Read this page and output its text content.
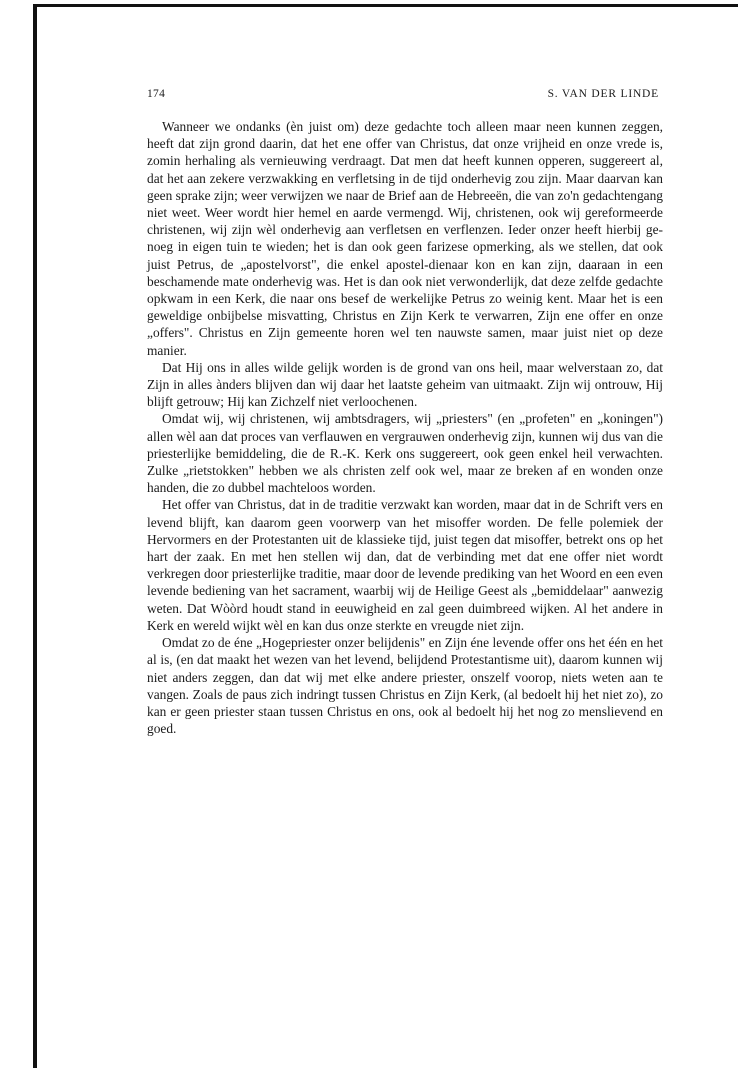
174	S. VAN DER LINDE

Wanneer we ondanks (èn juist om) deze gedachte toch alleen maar neen kunnen zeggen, heeft dat zijn grond daarin, dat het ene offer van Christus, dat onze vrijheid en onze vrede is, zomin herhaling als vernieuwing verdraagt. Dat men dat heeft kunnen opperen, suggereert al, dat het aan zekere verzwakking en verfletsing in de tijd onderhevig zou zijn. Maar daarvan kan geen sprake zijn; weer verwijzen we naar de Brief aan de Hebreeën, die van zo'n gedachtengang niet weet. Weer wordt hier hemel en aarde vermengd. Wij, christenen, ook wij gereformeerde christenen, wij zijn wèl onderhevig aan verfletsen en verflenzen. Ieder onzer heeft hierbij genoeg in eigen tuin te wieden; het is dan ook geen farizese opmerking, als we stellen, dat ook juist Petrus, de „apostelvorst", die enkel apostel-dienaar kon en kan zijn, daaraan in een beschamende mate onderhevig was. Het is dan ook niet verwonderlijk, dat deze zelfde gedachte opkwam in een Kerk, die naar ons besef de werkelijke Petrus zo weinig kent. Maar het is een geweldige onbijbelse misvatting, Christus en Zijn Kerk te verwarren, Zijn ene offer en onze „offers". Christus en Zijn gemeente horen wel ten nauwste samen, maar juist niet op deze manier.

Dat Hij ons in alles wilde gelijk worden is de grond van ons heil, maar welverstaan zo, dat Zijn in alles ànders blijven dan wij daar het laatste geheim van uitmaakt. Zijn wij ontrouw, Hij blijft getrouw; Hij kan Zichzelf niet verloochenen.

Omdat wij, wij christenen, wij ambtsdragers, wij „priesters" (en „profeten" en „koningen") allen wèl aan dat proces van verflauwen en vergrauwen onderhevig zijn, kunnen wij dus van die priesterlijke bemiddeling, die de R.-K. Kerk ons suggereert, ook geen enkel heil verwachten. Zulke „rietstokken" hebben we als christen zelf ook wel, maar ze breken af en wonden onze handen, die zo dubbel machteloos worden.

Het offer van Christus, dat in de traditie verzwakt kan worden, maar dat in de Schrift vers en levend blijft, kan daarom geen voorwerp van het misoffer worden. De felle polemiek der Hervormers en der Protestanten uit de klassieke tijd, juist tegen dat misoffer, betrekt ons op het hart der zaak. En met hen stellen wij dan, dat de verbinding met dat ene offer niet wordt verkregen door priesterlijke traditie, maar door de levende prediking van het Woord en een even levende bediening van het sacrament, waarbij wij de Heilige Geest als „bemiddelaar" aanwezig weten. Dat Wòòrd houdt stand in eeuwigheid en zal geen duimbreed wijken. Al het andere in Kerk en wereld wijkt wèl en kan dus onze sterkte en vreugde niet zijn.

Omdat zo de éne „Hogepriester onzer belijdenis" en Zijn éne levende offer ons het één en het al is, (en dat maakt het wezen van het levend, belijdend Protestantisme uit), daarom kunnen wij niet anders zeggen, dan dat wij met elke andere priester, onszelf voorop, niets weten aan te vangen. Zoals de paus zich indringt tussen Christus en Zijn Kerk, (al bedoelt hij het niet zo), zo kan er geen priester staan tussen Christus en ons, ook al bedoelt hij het nog zo menslievend en goed.
